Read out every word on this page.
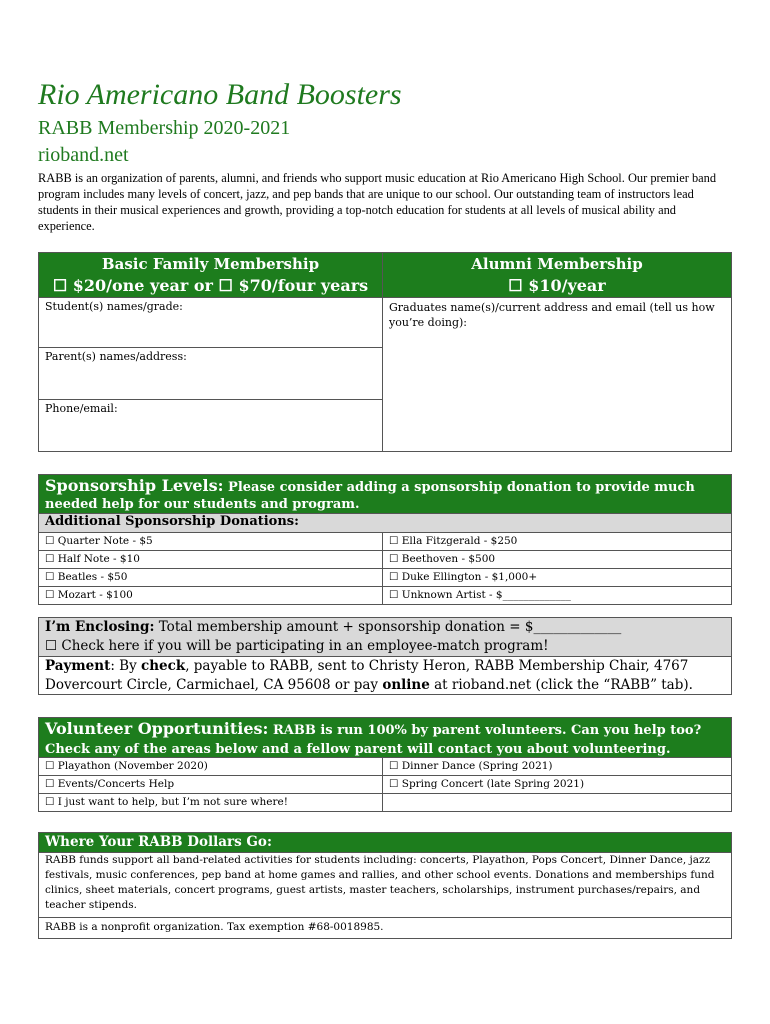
Rio Americano Band Boosters
RABB Membership 2020-2021
rioband.net
RABB is an organization of parents, alumni, and friends who support music education at Rio Americano High School. Our premier band program includes many levels of concert, jazz, and pep bands that are unique to our school. Our outstanding team of instructors lead students in their musical experiences and growth, providing a top-notch education for students at all levels of musical ability and experience.
Basic Family Membership
☐ $20/one year or ☐ $70/four years
Alumni Membership
☐ $10/year
Student(s) names/grade:
Parent(s) names/address:
Phone/email:
Graduates name(s)/current address and email (tell us how you’re doing):
Sponsorship Levels: Please consider adding a sponsorship donation to provide much needed help for our students and program.
Additional Sponsorship Donations:
☐ Quarter Note - $5
☐ Half Note - $10
☐ Beatles - $50
☐ Mozart - $100
☐ Ella Fitzgerald - $250
☐ Beethoven - $500
☐ Duke Ellington - $1,000+
☐ Unknown Artist - $_____________
I’m Enclosing: Total membership amount + sponsorship donation = $_____________
☐ Check here if you will be participating in an employee-match program!
Payment: By check, payable to RABB, sent to Christy Heron, RABB Membership Chair, 4767 Dovercourt Circle, Carmichael, CA 95608 or pay online at rioband.net (click the “RABB” tab).
Volunteer Opportunities: RABB is run 100% by parent volunteers. Can you help too?
Check any of the areas below and a fellow parent will contact you about volunteering.
☐ Playathon (November 2020)
☐ Events/Concerts Help
☐ I just want to help, but I’m not sure where!
☐ Dinner Dance (Spring 2021)
☐ Spring Concert (late Spring 2021)
Where Your RABB Dollars Go:
RABB funds support all band-related activities for students including: concerts, Playathon, Pops Concert, Dinner Dance, jazz festivals, music conferences, pep band at home games and rallies, and other school events. Donations and memberships fund clinics, sheet materials, concert programs, guest artists, master teachers, scholarships, instrument purchases/repairs, and teacher stipends.
RABB is a nonprofit organization. Tax exemption #68-0018985.
